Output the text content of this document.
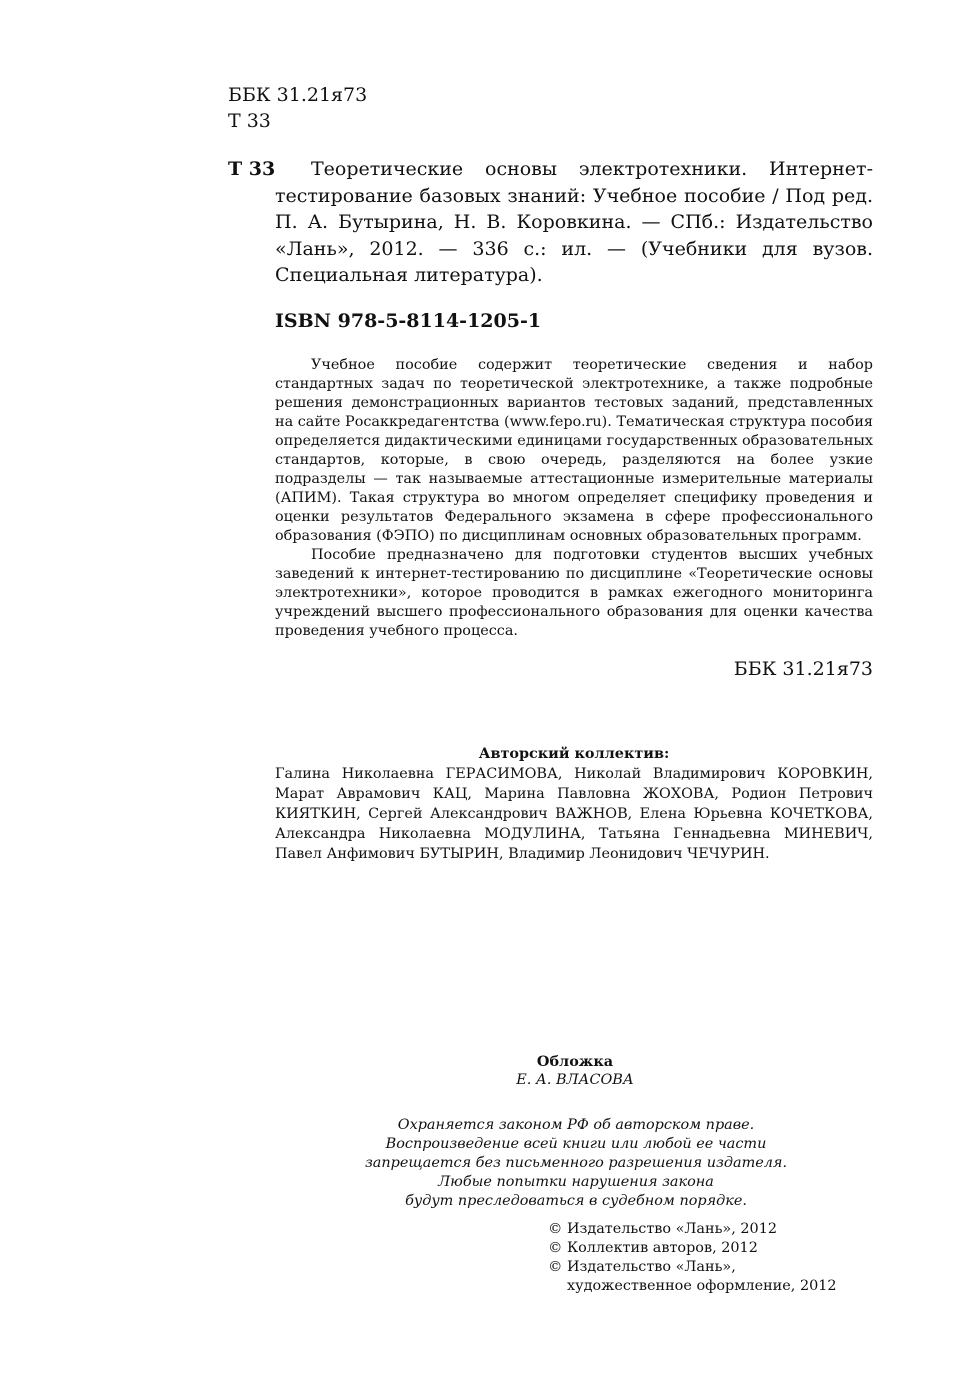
ББК 31.21я73
Т 33
Т 33	Теоретические основы электротехники. Интернет-тестирование базовых знаний: Учебное пособие / Под ред. П. А. Бутырина, Н. В. Коровкина. — СПб.: Издательство «Лань», 2012. — 336 с.: ил. — (Учебники для вузов. Специальная литература).
ISBN 978-5-8114-1205-1

Учебное пособие содержит теоретические сведения и набор стандартных задач по теоретической электротехнике, а также подробные решения демонстрационных вариантов тестовых заданий, представленных на сайте Росаккредагентства (www.fepo.ru). Тематическая структура пособия определяется дидактическими единицами государственных образовательных стандартов, которые, в свою очередь, разделяются на более узкие подразделы — так называемые аттестационные измерительные материалы (АПИМ). Такая структура во многом определяет специфику проведения и оценки результатов Федерального экзамена в сфере профессионального образования (ФЭПО) по дисциплинам основных образовательных программ.

Пособие предназначено для подготовки студентов высших учебных заведений к интернет-тестированию по дисциплине «Теоретические основы электротехники», которое проводится в рамках ежегодного мониторинга учреждений высшего профессионального образования для оценки качества проведения учебного процесса.

ББК 31.21я73
Авторский коллектив:
Галина Николаевна ГЕРАСИМОВА, Николай Владимирович КОРОВКИН, Марат Аврамович КАЦ, Марина Павловна ЖОХОВА, Родион Петрович КИЯТКИН, Сергей Александрович ВАЖНОВ, Елена Юрьевна КОЧЕТКОВА, Александра Николаевна МОДУЛИНА, Татьяна Геннадьевна МИНЕВИЧ, Павел Анфимович БУТЫРИН, Владимир Леонидович ЧЕЧУРИН.
Обложка
Е. А. ВЛАСОВА
Охраняется законом РФ об авторском праве.
Воспроизведение всей книги или любой ее части
запрещается без письменного разрешения издателя.
Любые попытки нарушения закона
будут преследоваться в судебном порядке.
© Издательство «Лань», 2012
© Коллектив авторов, 2012
© Издательство «Лань»,
художественное оформление, 2012
